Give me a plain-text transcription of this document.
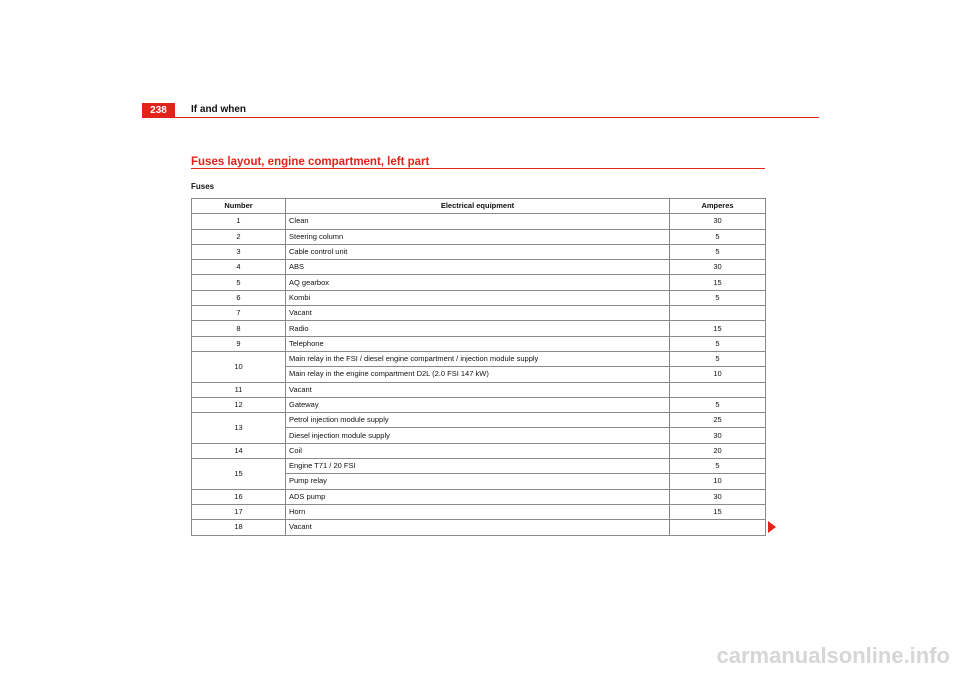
238	If and when
Fuses layout, engine compartment, left part
Fuses
Number	Electrical equipment	Amperes
1	Clean	30
2	Steering column	5
3	Cable control unit	5
4	ABS	30
5	AQ gearbox	15
6	Kombi	5
7	Vacant	
8	Radio	15
9	Telephone	5
10	Main relay in the FSI / diesel engine compartment / injection module supply	5
	Main relay in the engine compartment D2L (2.0 FSI 147 kW)	10
11	Vacant	
12	Gateway	5
13	Petrol injection module supply	25
	Diesel injection module supply	30
14	Coil	20
15	Engine T71 / 20 FSI	5
	Pump relay	10
16	ADS pump	30
17	Horn	15
18	Vacant	
carmanualsonline.info
